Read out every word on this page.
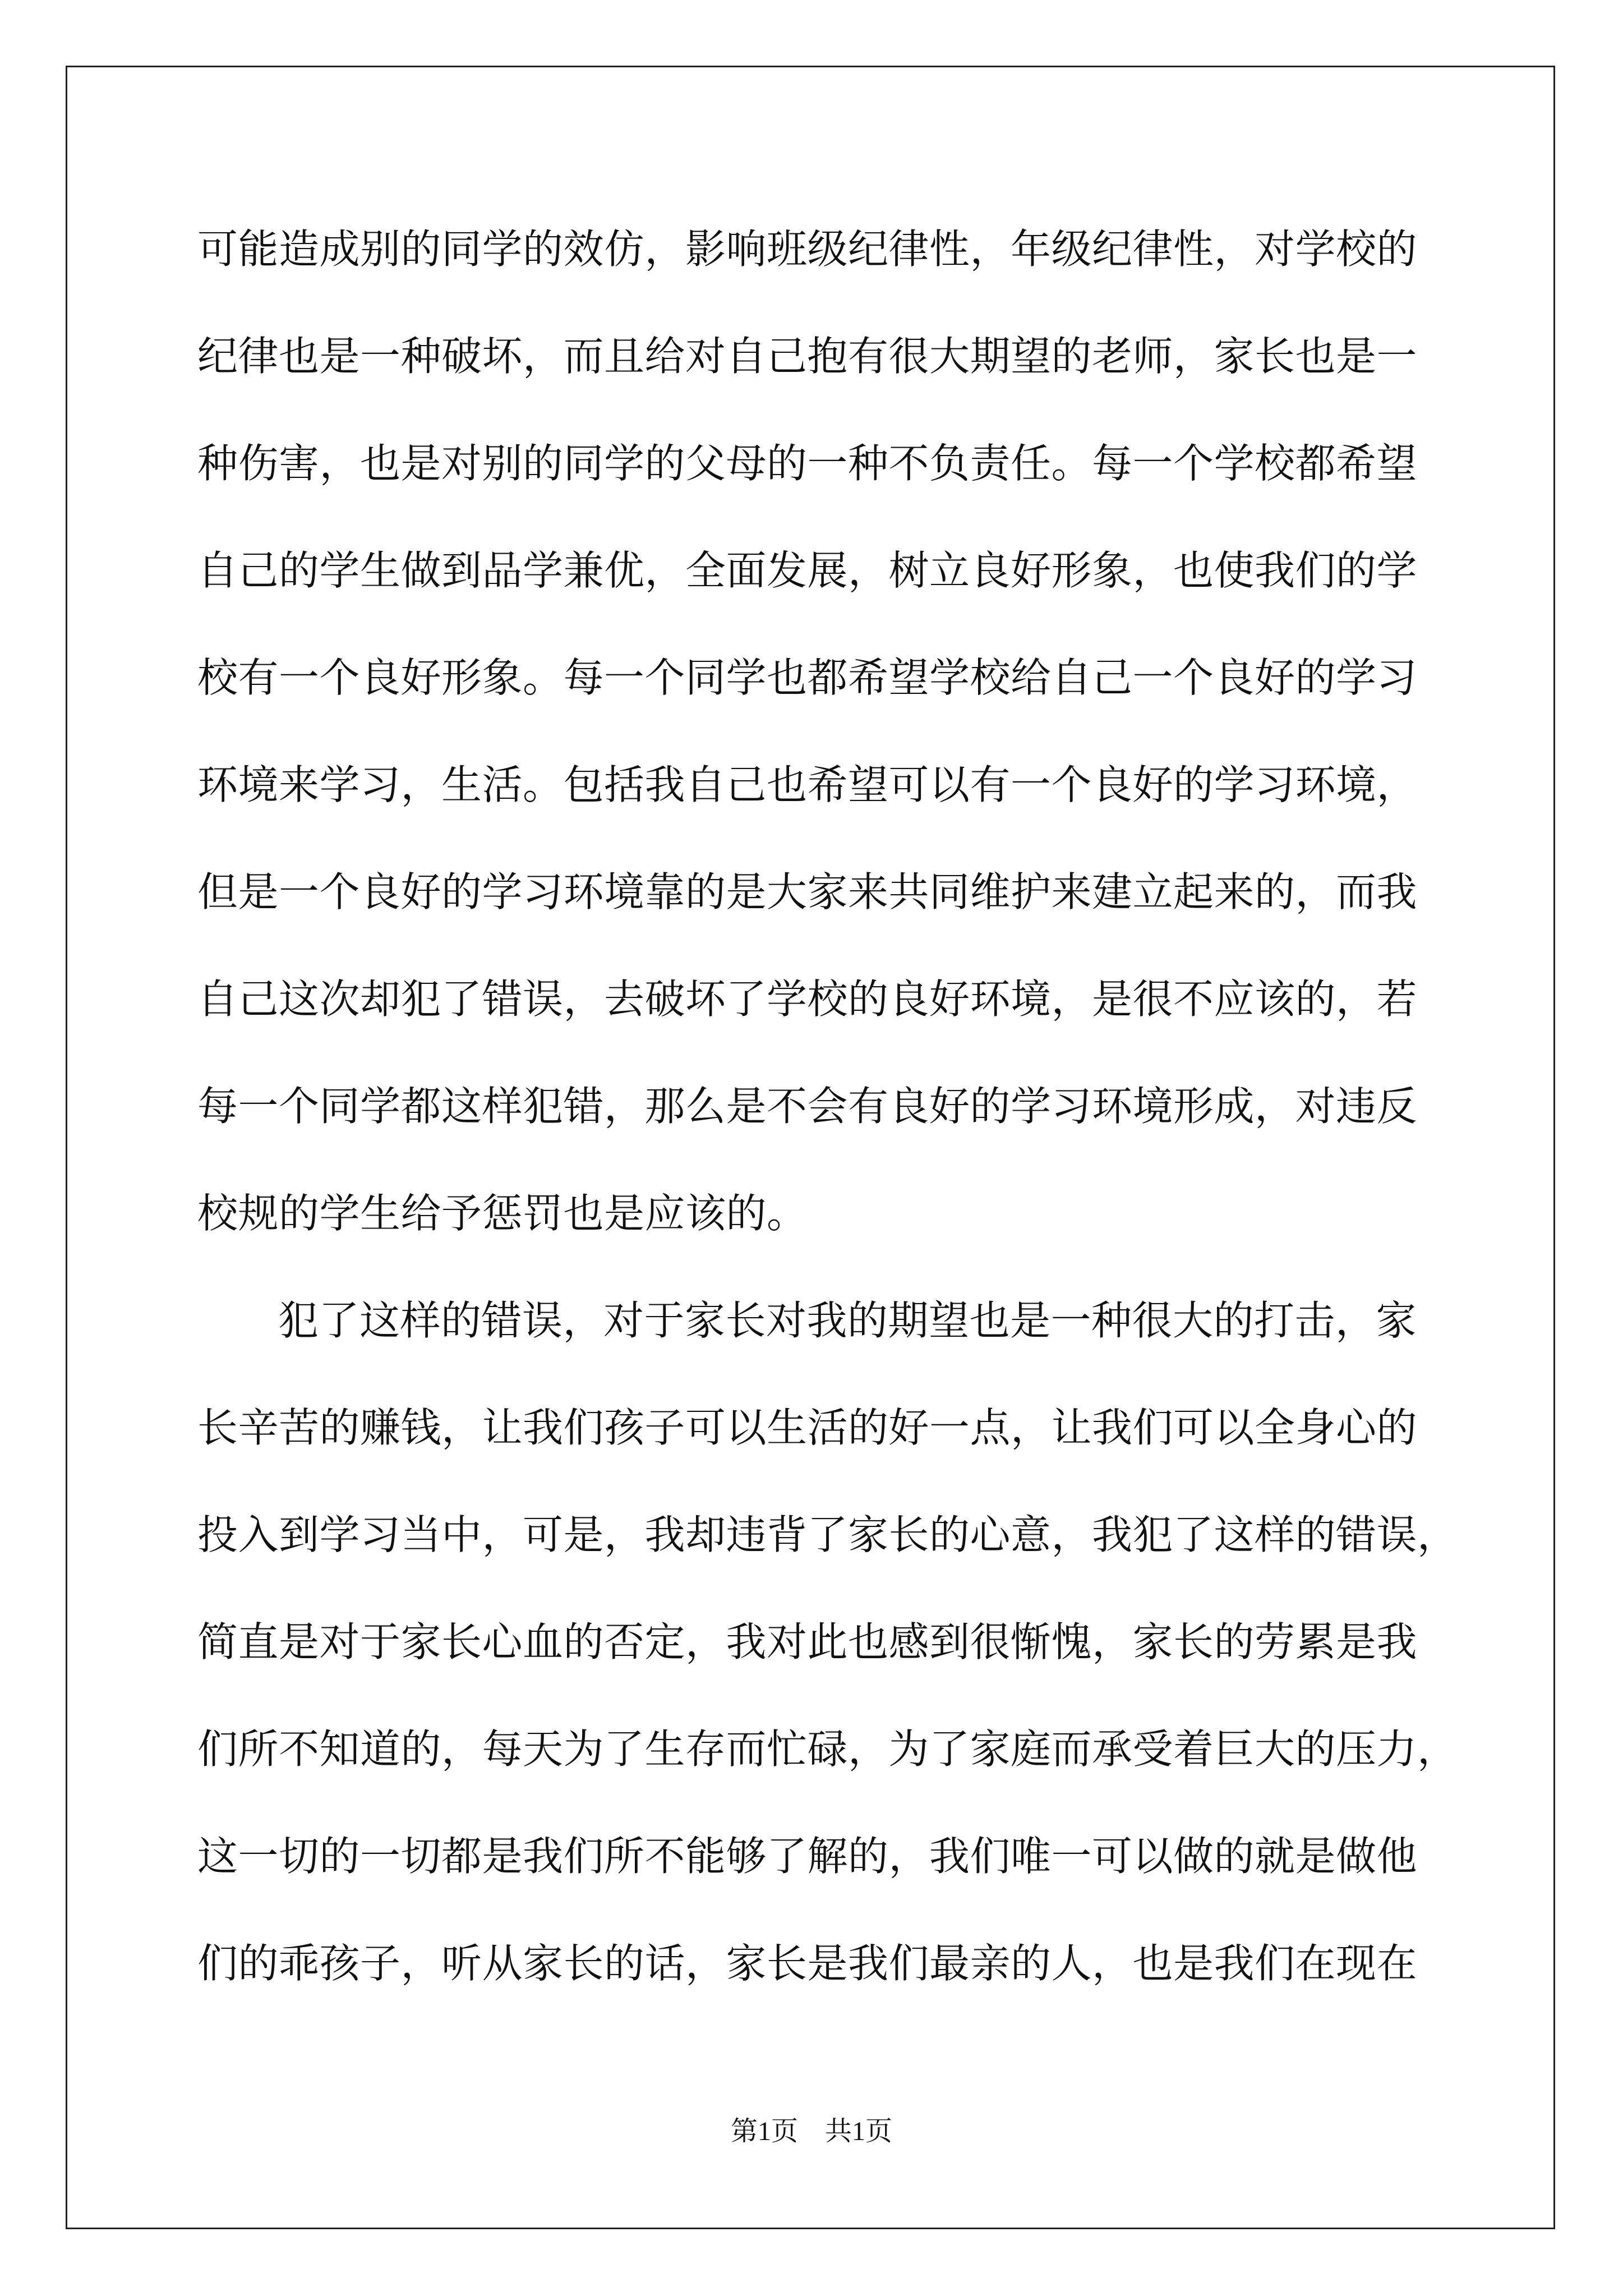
可能造成别的同学的效仿，影响班级纪律性，年级纪律性，对学校的
纪律也是一种破坏，而且给对自己抱有很大期望的老师，家长也是一
种伤害，也是对别的同学的父母的一种不负责任。每一个学校都希望
自己的学生做到品学兼优，全面发展，树立良好形象，也使我们的学
校有一个良好形象。每一个同学也都希望学校给自己一个良好的学习
环境来学习，生活。包括我自己也希望可以有一个良好的学习环境，
但是一个良好的学习环境靠的是大家来共同维护来建立起来的，而我
自己这次却犯了错误，去破坏了学校的良好环境，是很不应该的，若
每一个同学都这样犯错，那么是不会有良好的学习环境形成，对违反
校规的学生给予惩罚也是应该的。
犯了这样的错误，对于家长对我的期望也是一种很大的打击，家
长辛苦的赚钱，让我们孩子可以生活的好一点，让我们可以全身心的
投入到学习当中，可是，我却违背了家长的心意，我犯了这样的错误，
简直是对于家长心血的否定，我对此也感到很惭愧，家长的劳累是我
们所不知道的，每天为了生存而忙碌，为了家庭而承受着巨大的压力，
这一切的一切都是我们所不能够了解的，我们唯一可以做的就是做他
们的乖孩子，听从家长的话，家长是我们最亲的人，也是我们在现在
第1页　共1页
